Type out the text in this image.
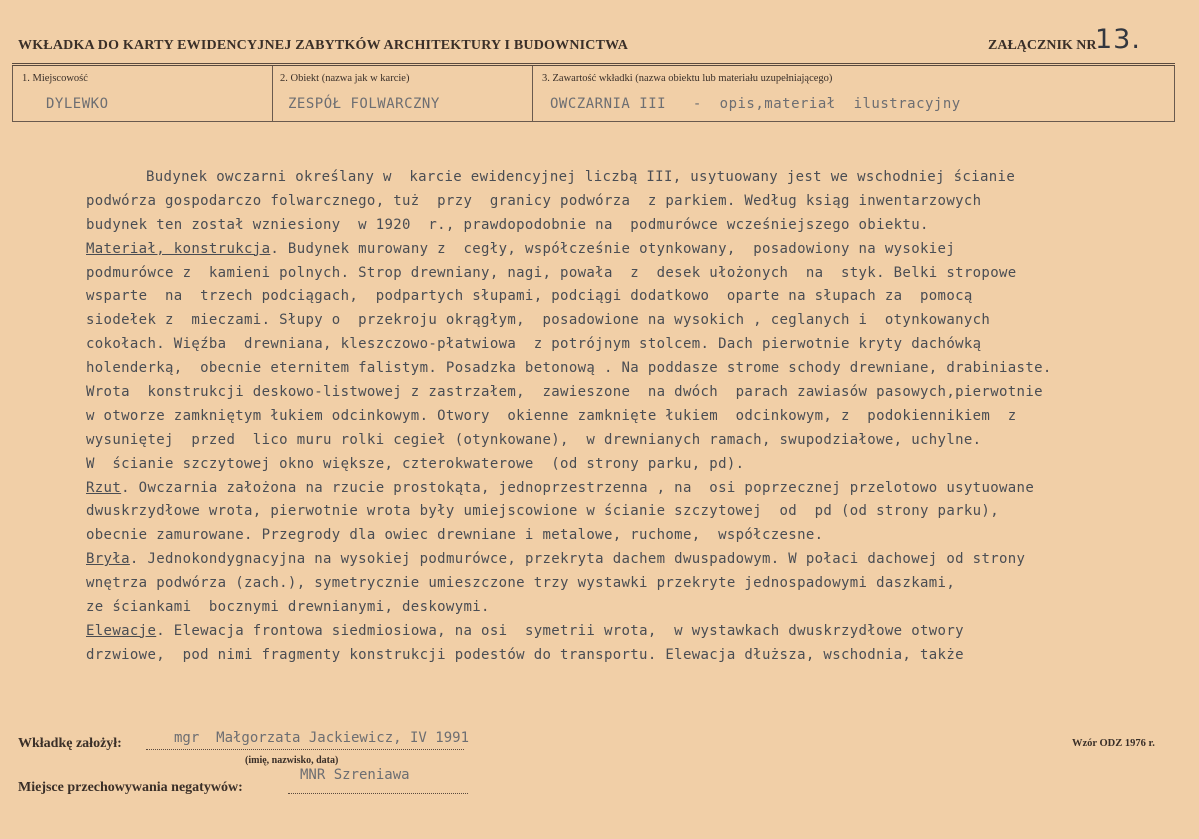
WKŁADKA DO KARTY EWIDENCYJNEJ ZABYTKÓW ARCHITEKTURY I BUDOWNICTWA	ZAŁĄCZNIK NR
13.
1. Miejscowość
DYLEWKO
2. Obiekt (nazwa jak w karcie)
ZESPÓŁ FOLWARCZNY
3. Zawartość wkładki (nazwa obiektu lub materiału uzupełniającego)
OWCZARNIA III   -  opis,materiał  ilustracyjny
Budynek owczarni określany w  karcie ewidencyjnej liczbą III, usytuowany jest we wschodniej ścianie
podwórza gospodarczo folwarcznego, tuż  przy  granicy podwórza  z parkiem. Według ksiąg inwentarzowych
budynek ten został wzniesiony  w 1920  r., prawdopodobnie na  podmurówce wcześniejszego obiektu.
Materiał, konstrukcja. Budynek murowany z  cegły, współcześnie otynkowany,  posadowiony na wysokiej
podmurówce z  kamieni polnych. Strop drewniany, nagi, powała  z  desek ułożonych  na  styk. Belki stropowe
wsparte  na  trzech podciągach,  podpartych słupami, podciągi dodatkowo  oparte na słupach za  pomocą
siodełek z  mieczami. Słupy o  przekroju okrągłym,  posadowione na wysokich , ceglanych i  otynkowanych
cokołach. Więźba  drewniana, kleszczowo-płatwiowa  z potrójnym stolcem. Dach pierwotnie kryty dachówką
holenderką,  obecnie eternitem falistym. Posadzka betonową . Na poddasze strome schody drewniane, drabiniaste.
Wrota  konstrukcji deskowo-listwowej z zastrzałem,  zawieszone  na dwóch  parach zawiasów pasowych,pierwotnie
w otworze zamkniętym łukiem odcinkowym. Otwory  okienne zamknięte łukiem  odcinkowym, z  podokiennikiem  z
wysuniętej  przed  lico muru rolki cegieł (otynkowane),  w drewnianych ramach, swupodziałowe, uchylne.
W  ścianie szczytowej okno większe, czterokwaterowe  (od strony parku, pd).
Rzut. Owczarnia założona na rzucie prostokąta, jednoprzestrzenna , na  osi poprzecznej przelotowo usytuowane
dwuskrzydłowe wrota, pierwotnie wrota były umiejscowione w ścianie szczytowej  od  pd (od strony parku),
obecnie zamurowane. Przegrody dla owiec drewniane i metalowe, ruchome,  współczesne.
Bryła. Jednokondygnacyjna na wysokiej podmurówce, przekryta dachem dwuspadowym. W połaci dachowej od strony
wnętrza podwórza (zach.), symetrycznie umieszczone trzy wystawki przekryte jednospadowymi daszkami,
ze ściankami  bocznymi drewnianymi, deskowymi.
Elewacje. Elewacja frontowa siedmiosiowa, na osi  symetrii wrota,  w wystawkach dwuskrzydłowe otwory
drzwiowe,  pod nimi fragmenty konstrukcji podestów do transportu. Elewacja dłuższa, wschodnia, także
Wkładkę założył:	mgr  Małgorzata Jackiewicz, IV 1991
(imię, nazwisko, data)
Miejsce przechowywania negatywów:
MNR Szreniawa
Wzór ODZ 1976 r.
